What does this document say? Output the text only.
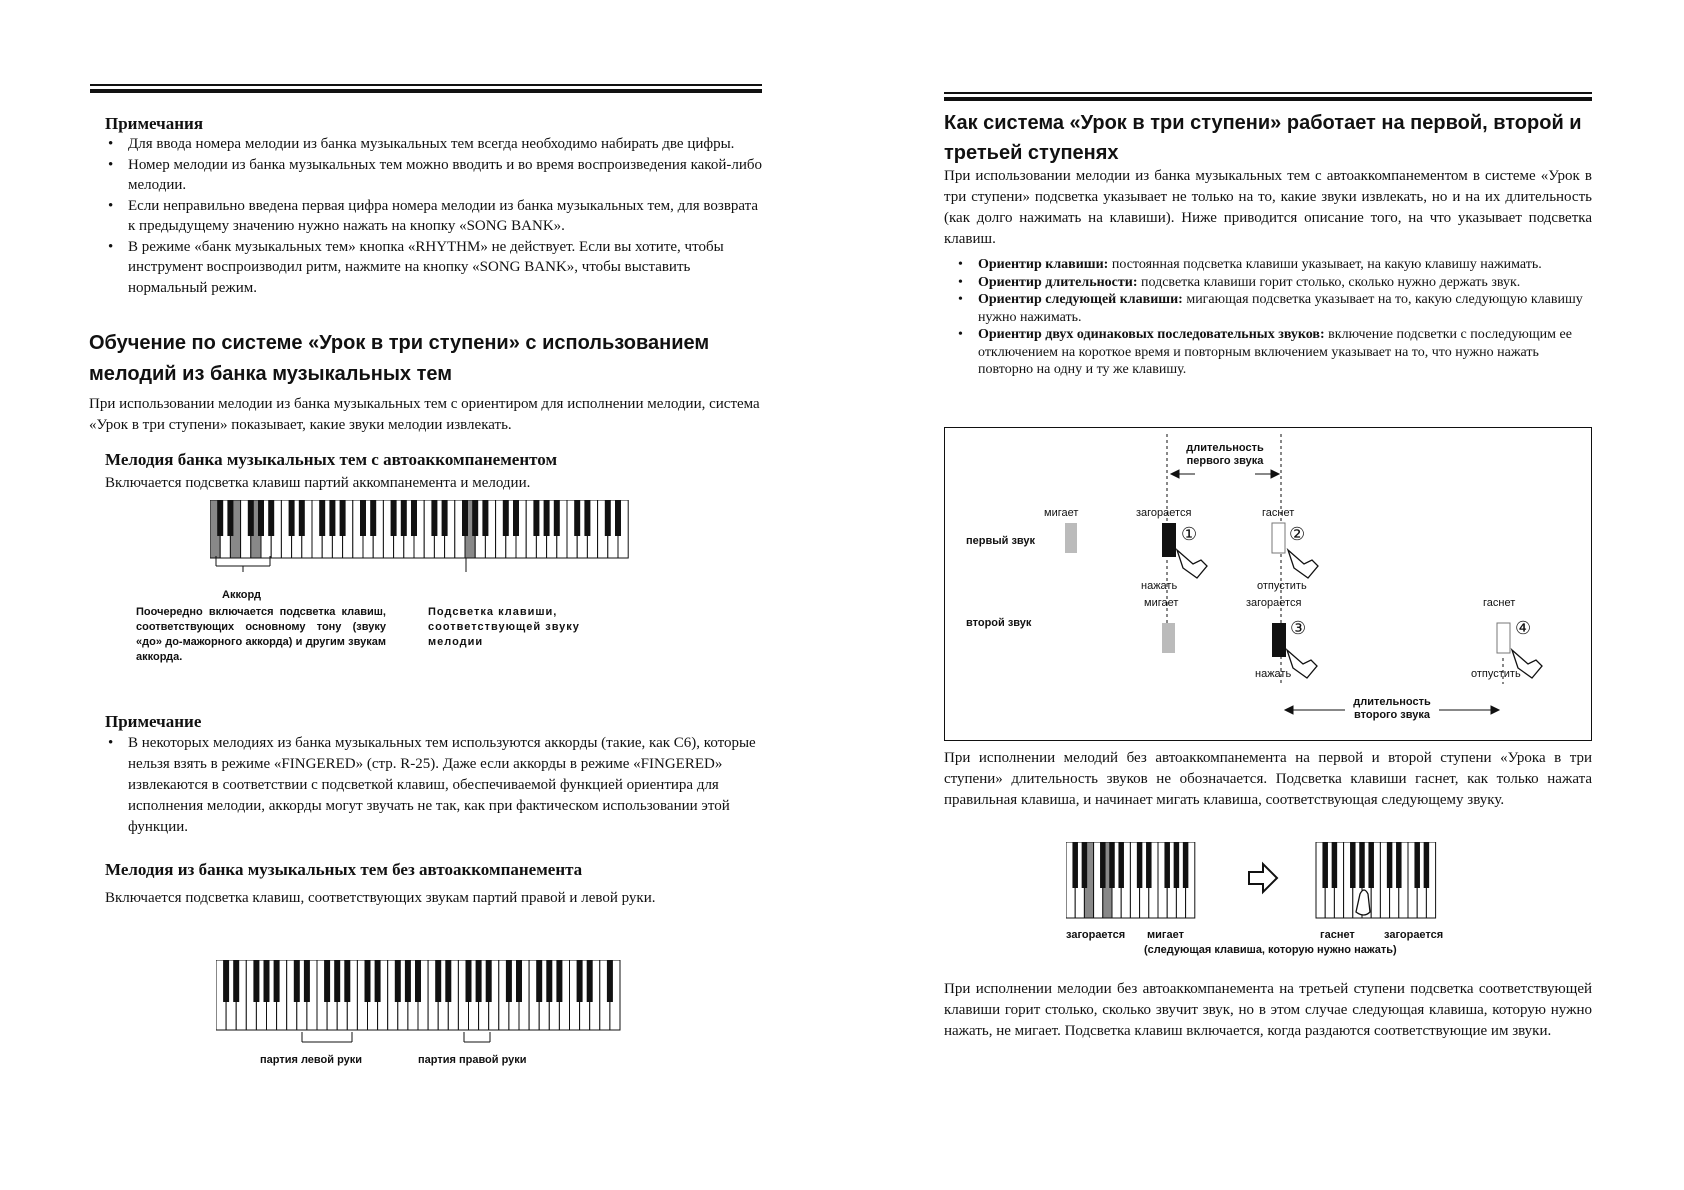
Примечания
• Для ввода номера мелодии из банка музыкальных тем всегда необходимо набирать две цифры.
• Номер мелодии из банка музыкальных тем можно вводить и во время воспроизведения какой-либо мелодии.
• Если неправильно введена первая цифра номера мелодии из банка музыкальных тем, для возврата к предыдущему значению нужно нажать на кнопку «SONG BANK».
• В режиме «банк музыкальных тем» кнопка «RHYTHM» не действует. Если вы хотите, чтобы инструмент воспроизводил ритм, нажмите на кнопку «SONG BANK», чтобы выставить нормальный режим.
Обучение по системе «Урок в три ступени» с использованием мелодий из банка музыкальных тем
При использовании мелодии из банка музыкальных тем с ориентиром для исполнении мелодии, система «Урок в три ступени» показывает, какие звуки мелодии извлекать.
Мелодия банка музыкальных тем с автоаккомпанементом
Включается подсветка клавиш партий аккомпанемента и мелодии.
Аккорд
Поочередно включается подсветка клавиш, соответствующих основному тону (звуку «до» до-мажорного аккорда) и другим звукам аккорда.
Подсветка клавиши, соответствующей звуку мелодии
Примечание
• В некоторых мелодиях из банка музыкальных тем используются аккорды (такие, как C6), которые нельзя взять в режиме «FINGERED» (стр. R-25). Даже если аккорды в режиме «FINGERED» извлекаются в соответствии с подсветкой клавиш, обеспечиваемой функцией ориентира для исполнения мелодии, аккорды могут звучать не так, как при фактическом использовании этой функции.
Мелодия из банка музыкальных тем без автоаккомпанемента
Включается подсветка клавиш, соответствующих звукам партий правой и левой руки.
партия левой руки	партия правой руки
Как система «Урок в три ступени» работает на первой, второй и третьей ступенях
При использовании мелодии из банка музыкальных тем с автоаккомпанементом в системе «Урок в три ступени» подсветка указывает не только на то, какие звуки извлекать, но и на их длительность (как долго нажимать на клавиши). Ниже приводится описание того, на что указывает подсветка клавиш.
• Ориентир клавиши: постоянная подсветка клавиши указывает, на какую клавишу нажимать.
• Ориентир длительности: подсветка клавиши горит столько, сколько нужно держать звук.
• Ориентир следующей клавиши: мигающая подсветка указывает на то, какую следующую клавишу нужно нажимать.
• Ориентир двух одинаковых последовательных звуков: включение подсветки с последующим ее отключением на короткое время и повторным включением указывает на то, что нужно нажать повторно на одну и ту же клавишу.
длительность первого звука
мигает	загорается	гаснет
первый звук	①	②
нажать	отпустить
мигает	загорается	гаснет
второй звук	③	④
нажать	отпустить
длительность второго звука
При исполнении мелодий без автоаккомпанемента на первой и второй ступени «Урока в три ступени» длительность звуков не обозначается. Подсветка клавиши гаснет, как только нажата правильная клавиша, и начинает мигать клавиша, соответствующая следующему звуку.
загорается мигает	гаснет	загорается
(следующая клавиша, которую нужно нажать)
При исполнении мелодии без автоаккомпанемента на третьей ступени подсветка соответствующей клавиши горит столько, сколько звучит звук, но в этом случае следующая клавиша, которую нужно нажать, не мигает. Подсветка клавиш включается, когда раздаются соответствующие им звуки.
